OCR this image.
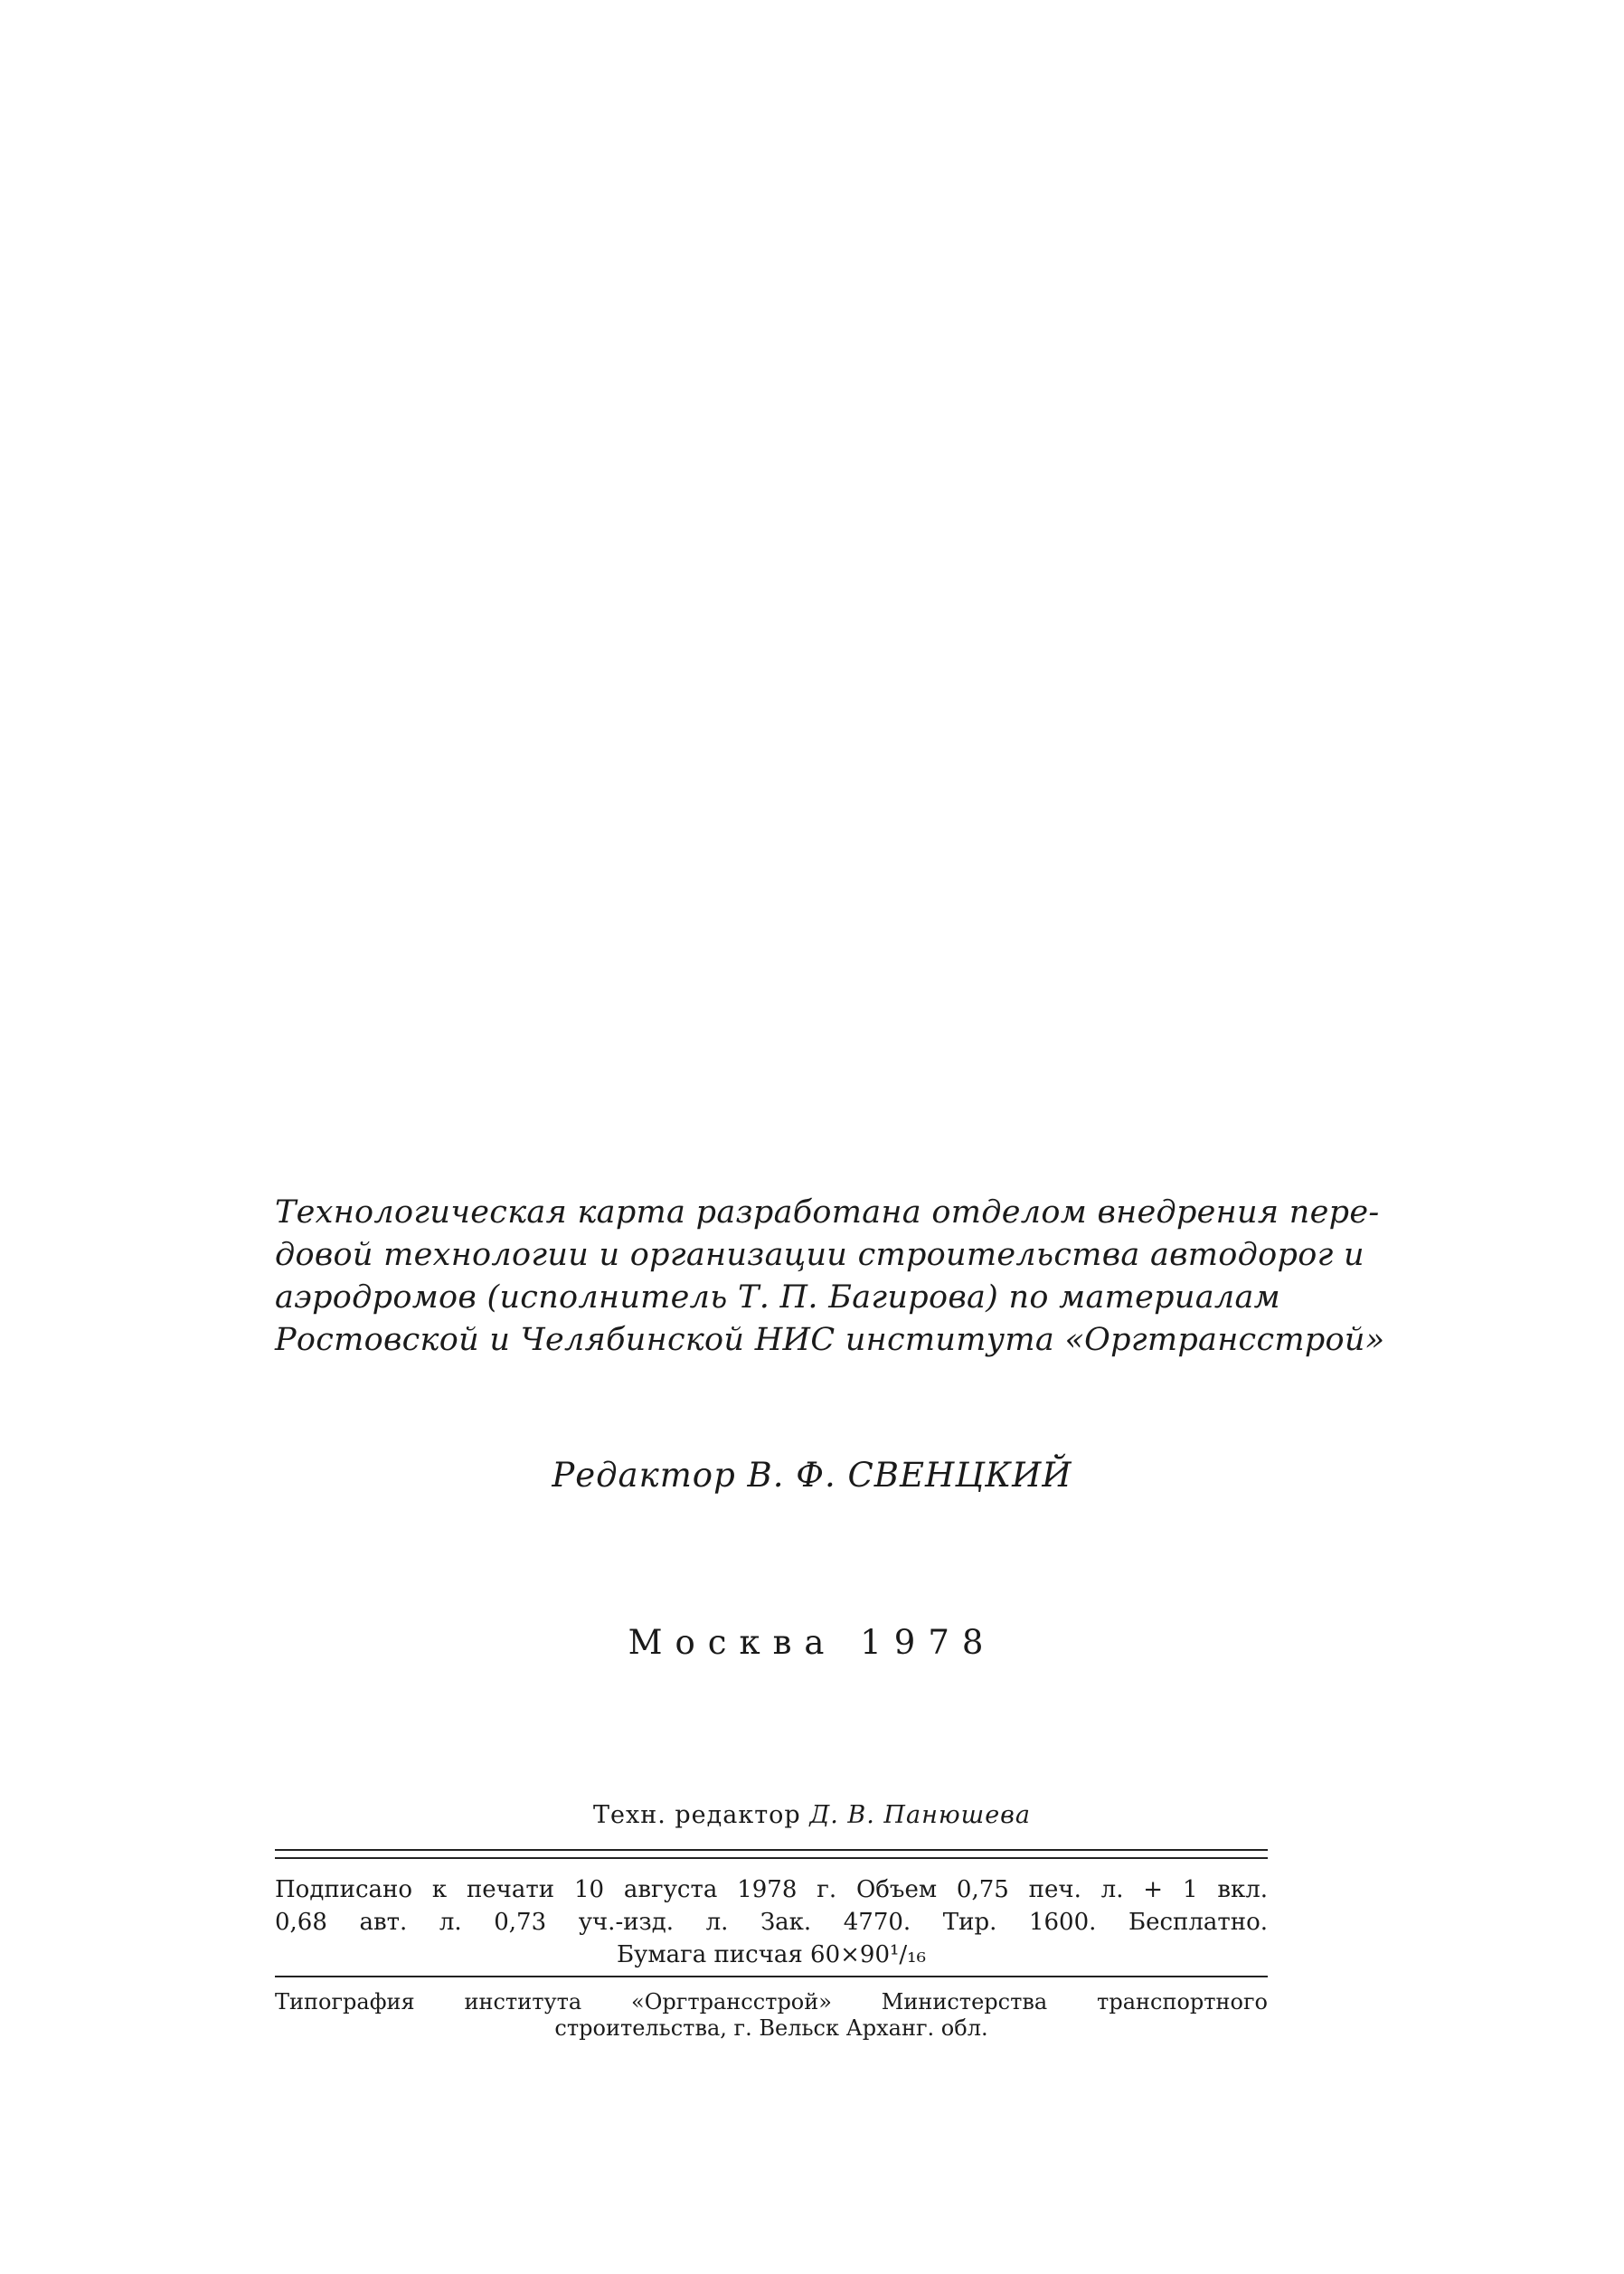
Технологическая карта разработана отделом внедрения пере-
довой технологии и организации строительства автодорог и
аэродромов (исполнитель Т. П. Багирова) по материалам
Ростовской и Челябинской НИС института «Оргтрансстрой»
Редактор В. Ф. СВЕНЦКИЙ
Москва 1978
Техн. редактор Д. В. Панюшева
Подписано к печати 10 августа 1978 г. Объем 0,75 печ. л. + 1 вкл.
0,68 авт. л. 0,73 уч.-изд. л. Зак. 4770. Тир. 1600. Бесплатно.
Бумага писчая 60×90¹/₁₆
Типография института «Оргтрансстрой» Министерства транспортного
строительства, г. Вельск Арханг. обл.
